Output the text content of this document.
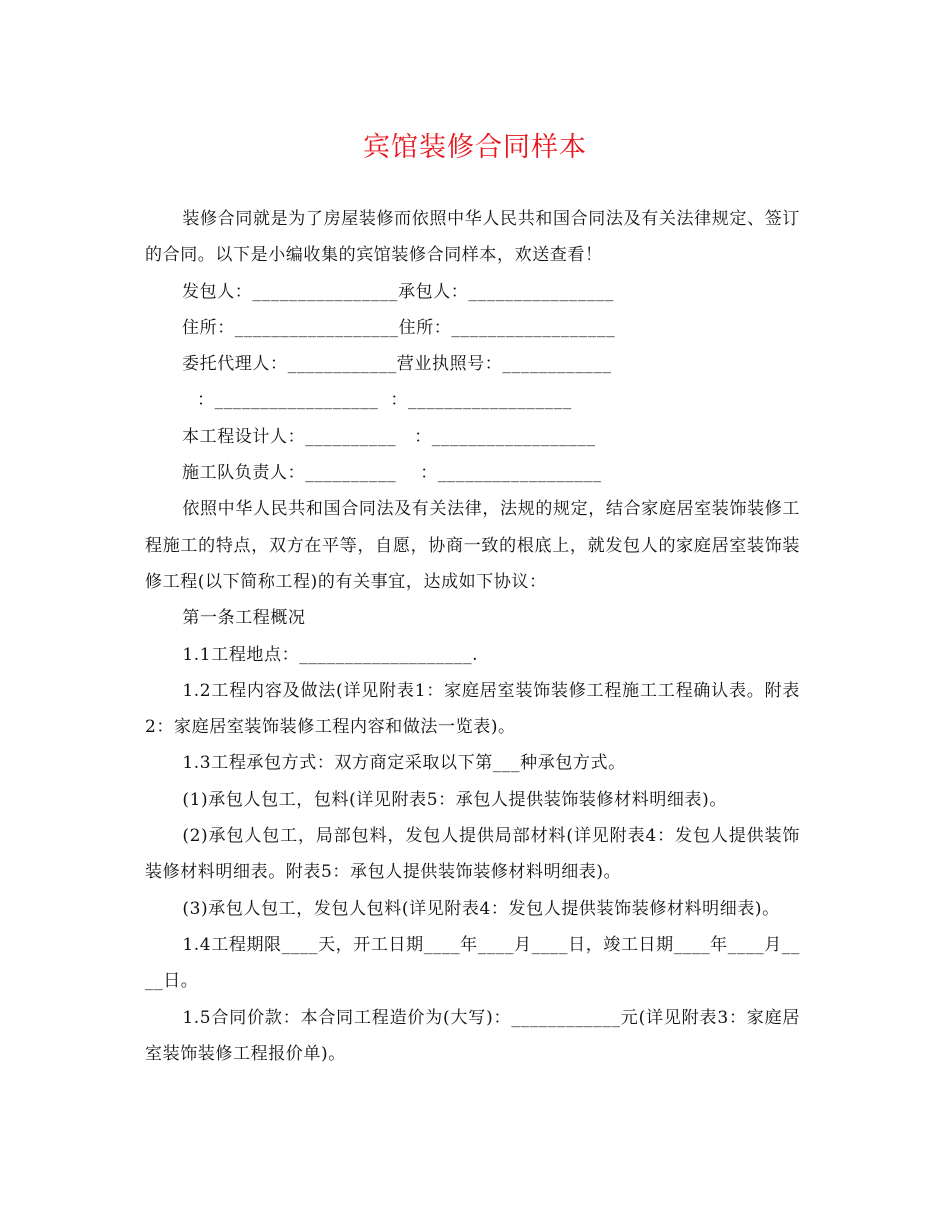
宾馆装修合同样本

装修合同就是为了房屋装修而依照中华人民共和国合同法及有关法律规定、签订的合同。以下是小编收集的宾馆装修合同样本，欢送查看！

发包人：________________承包人：________________

住所：__________________住所：__________________

委托代理人：____________营业执照号：____________

：__________________  ：__________________

本工程设计人：__________   ：__________________

施工队负责人：__________    ：__________________

依照中华人民共和国合同法及有关法律，法规的规定，结合家庭居室装饰装修工程施工的特点，双方在平等，自愿，协商一致的根底上，就发包人的家庭居室装饰装修工程(以下简称工程)的有关事宜，达成如下协议：

第一条工程概况

1.1工程地点：___________________.

1.2工程内容及做法(详见附表1：家庭居室装饰装修工程施工工程确认表。附表2：家庭居室装饰装修工程内容和做法一览表)。

1.3工程承包方式：双方商定采取以下第___种承包方式。

(1)承包人包工，包料(详见附表5：承包人提供装饰装修材料明细表)。

(2)承包人包工，局部包料，发包人提供局部材料(详见附表4：发包人提供装饰装修材料明细表。附表5：承包人提供装饰装修材料明细表)。

(3)承包人包工，发包人包料(详见附表4：发包人提供装饰装修材料明细表)。

1.4工程期限____天，开工日期____年____月____日，竣工日期____年____月____日。

1.5合同价款：本合同工程造价为(大写)：____________元(详见附表3：家庭居室装饰装修工程报价单)。
